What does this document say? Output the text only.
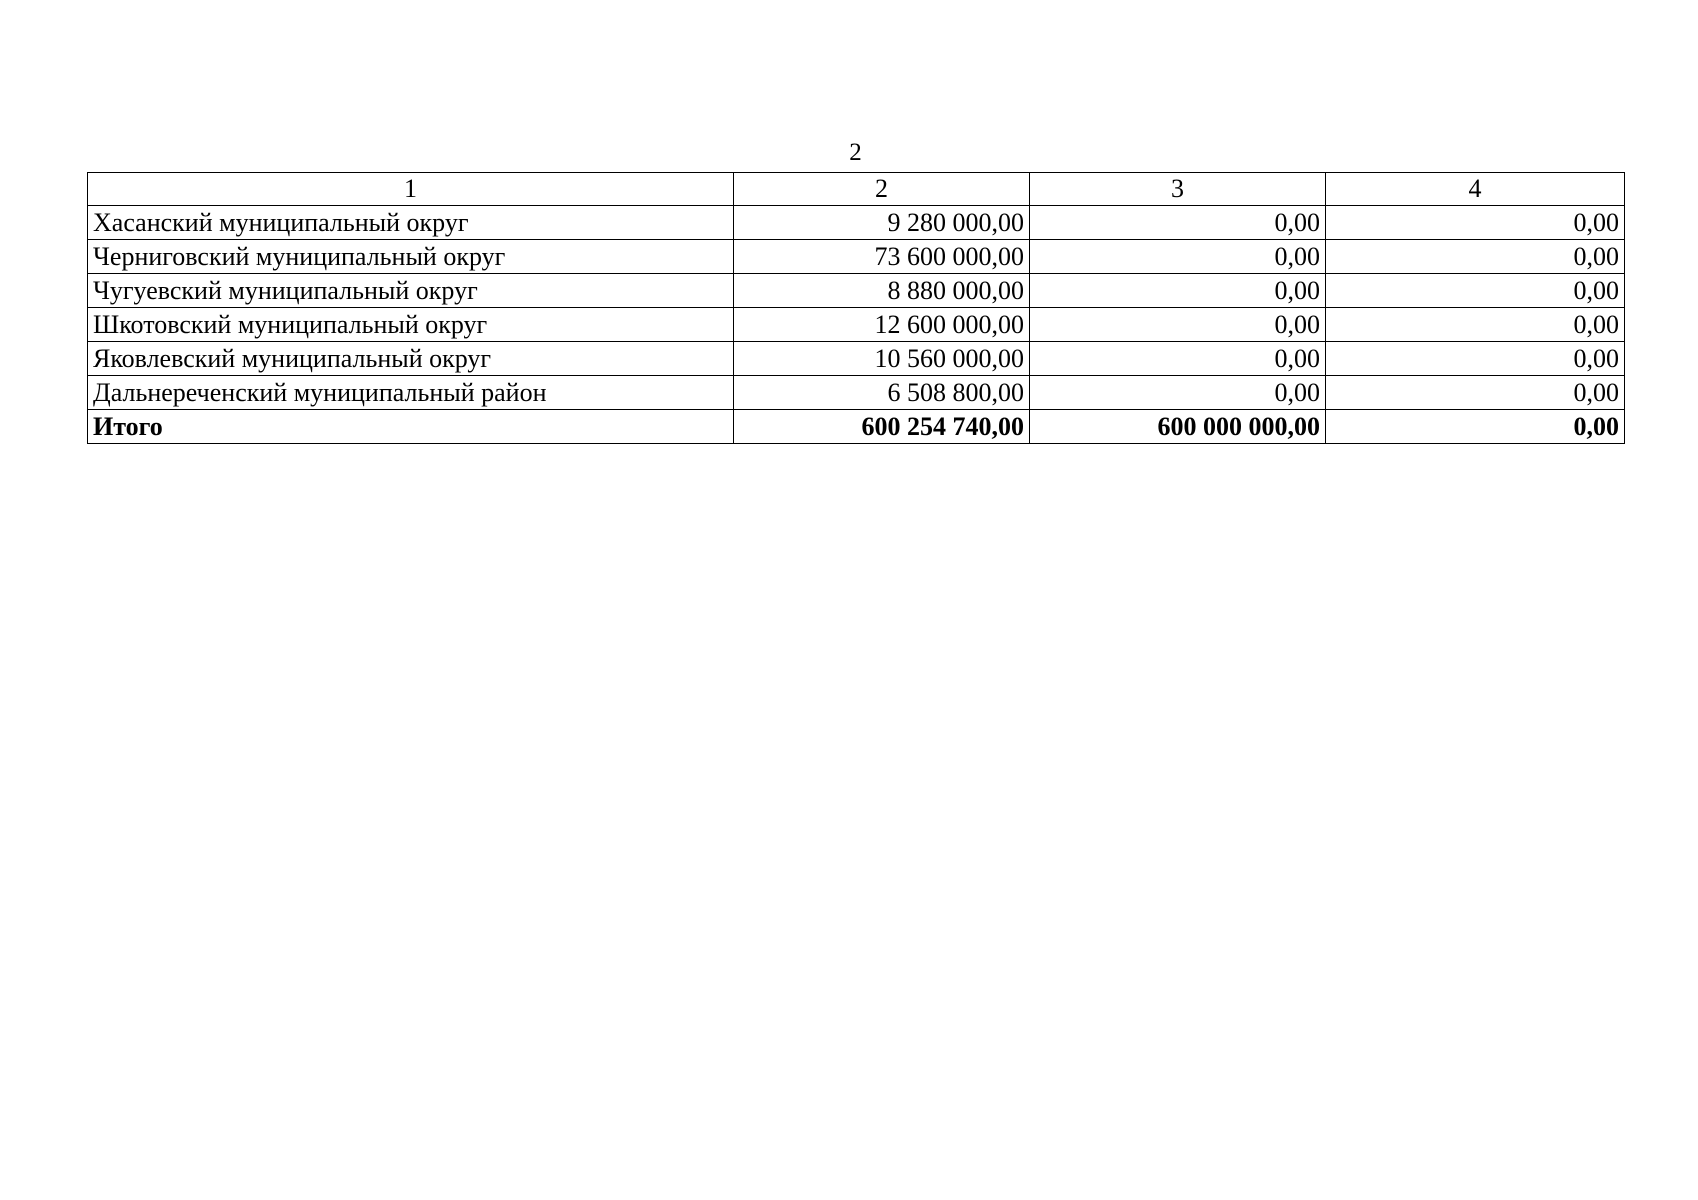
2
1	2	3	4
Хасанский муниципальный округ	9 280 000,00	0,00	0,00
Черниговский муниципальный округ	73 600 000,00	0,00	0,00
Чугуевский муниципальный округ	8 880 000,00	0,00	0,00
Шкотовский муниципальный округ	12 600 000,00	0,00	0,00
Яковлевский муниципальный округ	10 560 000,00	0,00	0,00
Дальнереченский муниципальный район	6 508 800,00	0,00	0,00
Итого	600 254 740,00	600 000 000,00	0,00
